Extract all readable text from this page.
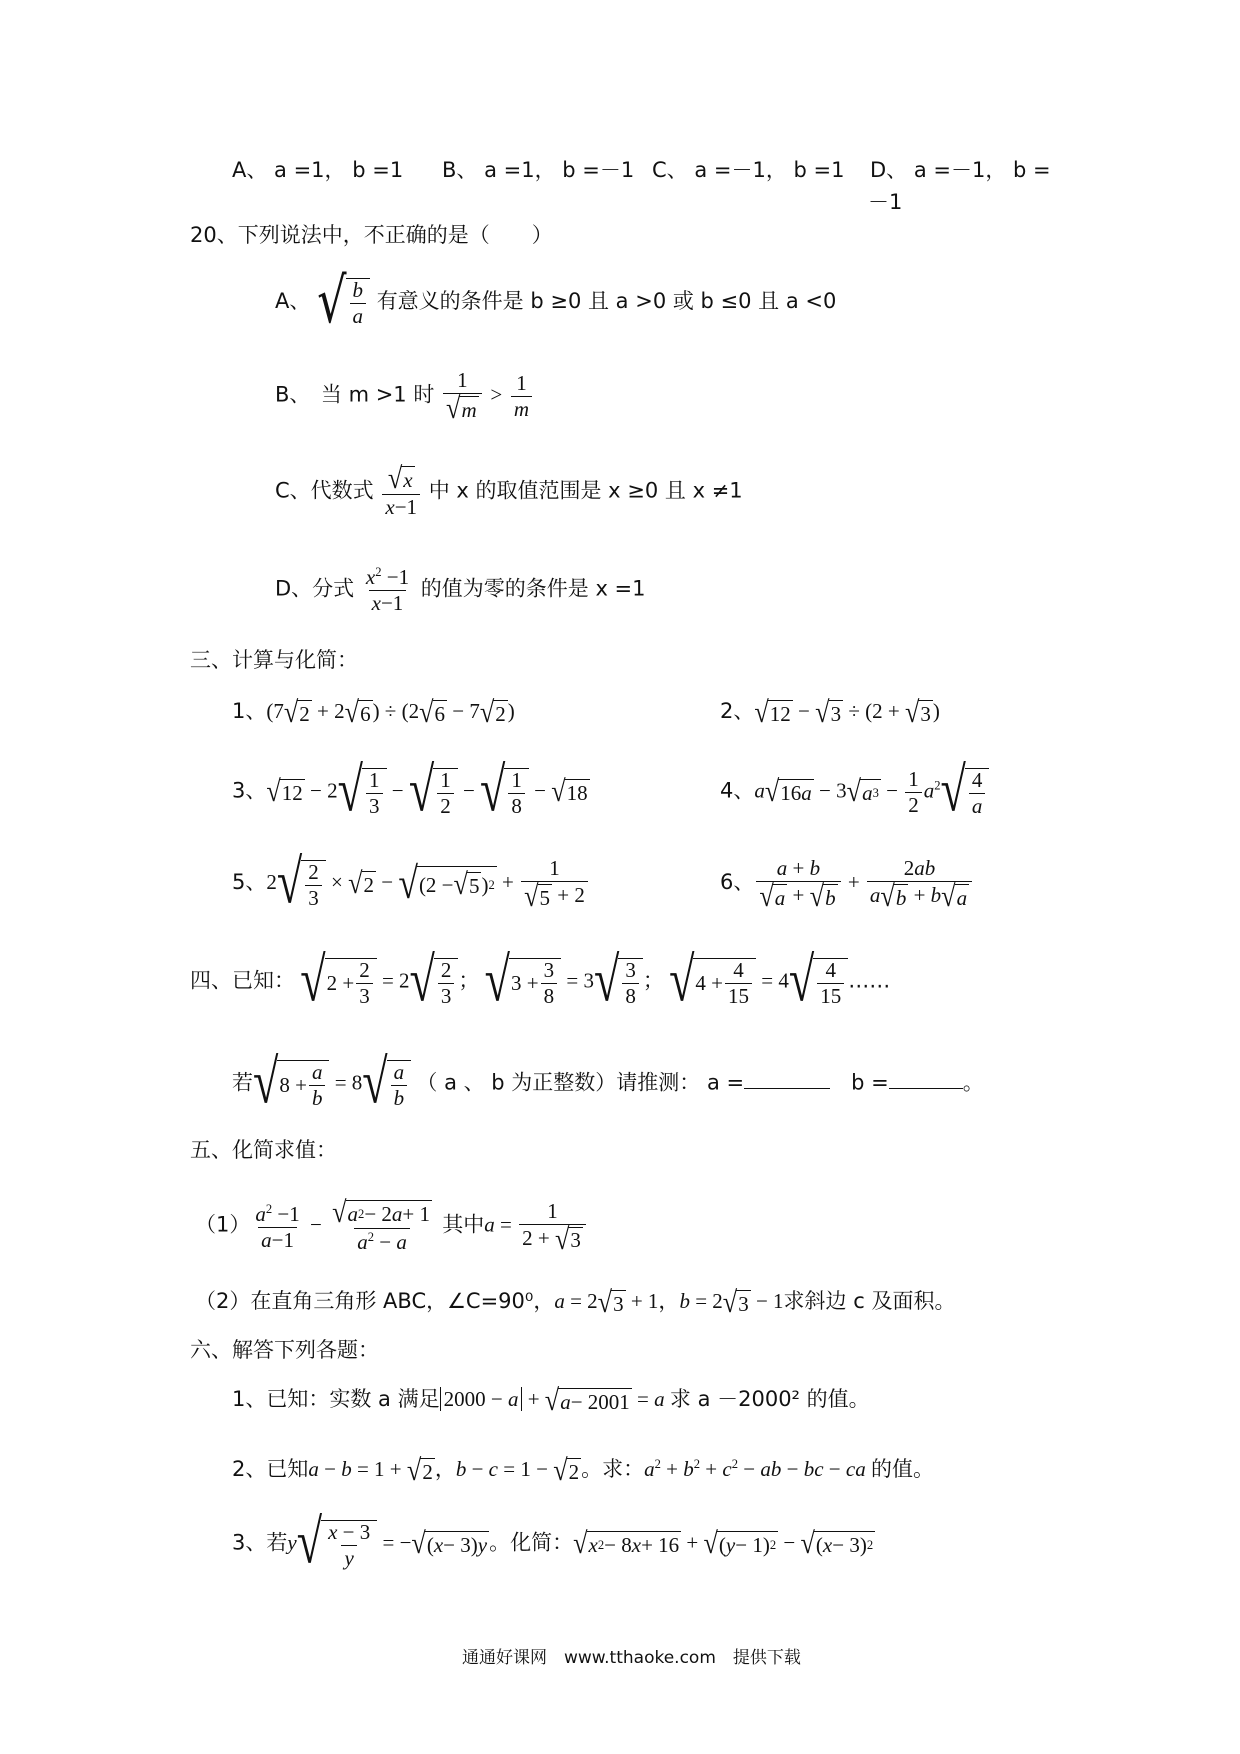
A、 a =1， b =1 B、 a =1， b =－1 C、 a =－1， b =1 D、 a =－1， b =
－1
20、下列说法中，不正确的是（　　）
A、 √ b
a
有意义的条件是 b ≥0 且 a >0 或 b ≤0 且 a <0
B、　当 m >1 时 $\frac{1}{√ m} > \frac{1}{m}$
C、代数式 $\frac{√ x}{x-1}$ 中 x 的取值范围是 x ≥0 且 x ≠1
D、分式 $\frac{x^2 -1}{x-1}$ 的值为零的条件是 x =1
三、计算与化简：
1、(7 √ 2 + 2 √ 6 ) ÷ (2 √ 6 − 7 √ 2 )	2、 √ 12 − √ 3 ÷ (2 + √ 3 )
3、 √ 12 − 2 √ 1
3
− √ 1
2
− √ 1
8
− √ 18	4、a √ 16 a − 3 √ a $3 - \frac{1}{2} a^2$ √ 4
a
5、2 √ 2
3
× √ 2 − √ (2 − √ 5 ) $2 + \frac{1}{√ 5 + 2}$	6、 $\frac{a + b}{√ a + √ b} + \frac{2ab}{a √ b + b √ a}$
四、已知： √ 2 +
2
3
= 2 √ 2
3
； √ 3 +
3
8
= 3 √ 3
8
； √ 4 +
4
15
= 4 √ 4
15
……
若 √ 8 +
a
b
= 8 √ a
b
（ a 、 b 为正整数）请推测： a =	b =	。
五、化简求值：
$(1) \frac{a^2 -1}{a-1} - \frac{√ a 2 - 2 a + 1}{a^2 - a}$ 其中$a = \frac{1}{2 + √ 3}$
（2）在直角三角形 ABC，∠C=90⁰，a = 2 √ 3 + 1，b = 2 √ 3 − 1求斜边 c 及面积。
六、解答下列各题：
1、已知：实数 a 满足 2000 − a + √ a − 2001 = a 求 a －2000² 的值。
2、已知a − b = 1 + √ 2 ，b − c = 1 − √ 2 。求：$a^2 + b^2 + c^2$ − ab − bc − ca 的值。
3、若y √ x − 3
y
= − √ ( x − 3) y 。化简： √ x 2 − 8 x + 16 + √ ( y − 1) 2 − √ ( x − 3) 2
通通好课网　www.tthaoke.com　提供下载
